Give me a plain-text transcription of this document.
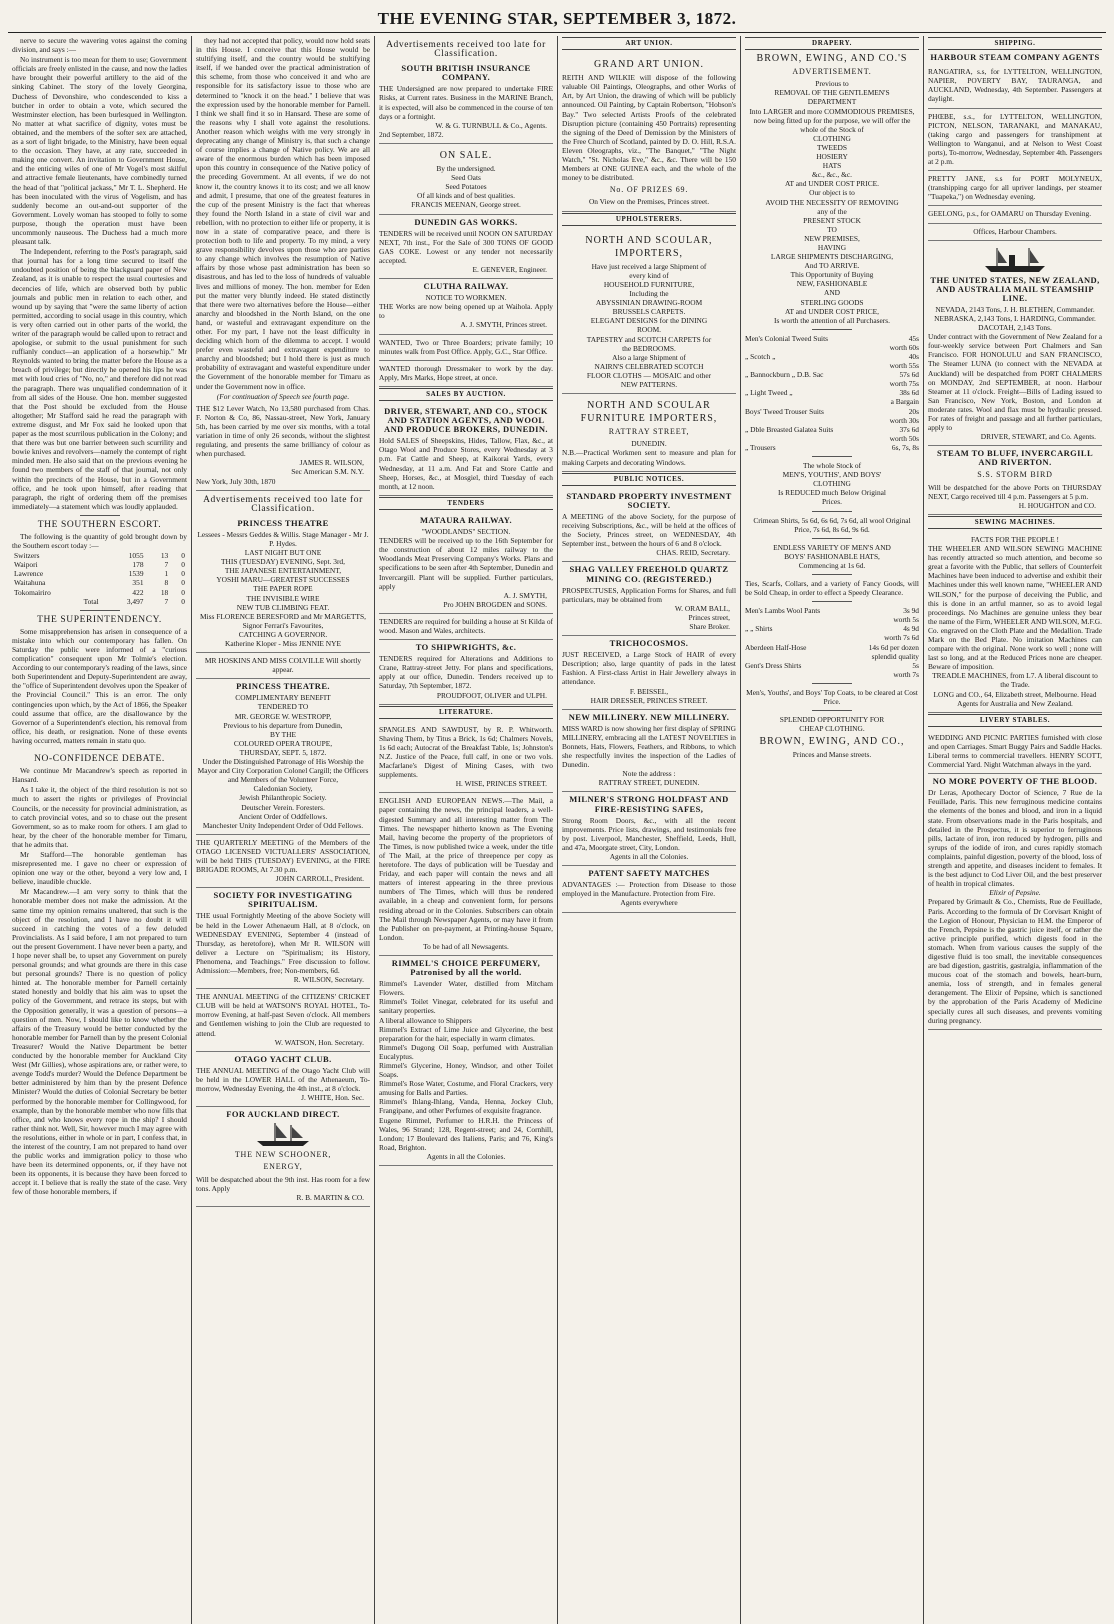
THE EVENING STAR, SEPTEMBER 3, 1872.
nerve to secure the wavering votes against the coming division, and says :—
No instrument is too mean for them to use; Government officials are freely enlisted in the cause, and now the ladies have brought their powerful artillery to the aid of the sinking Cabinet. The story of the lovely Georgina, Duchess of Devonshire, who condescended to kiss a butcher in order to obtain a vote, which secured the Westminster election, has been burlesqued in Wellington. No matter at what sacrifice of dignity, votes must be obtained, and the members of the softer sex are attached, as a sort of light brigade, to the Ministry, have been equal to the occasion. They have, at any rate, succeeded in making one convert. An invitation to Government House, and the enticing wiles of one of Mr Vogel's most skilful and attractive female lieutenants, have combinedly turned the head of that "political jackass," Mr T. L. Shepherd. He has been inoculated with the virus of Vogelism, and has suddenly become an out-and-out supporter of the Government. Lovely woman has stooped to folly to some purpose, though the operation must have been uncommonly nauseous. The Duchess had a much more pleasant talk.
The Independent, referring to the Post's paragraph, said that journal has for a long time secured to itself the undoubted position of being the blackguard paper of New Zealand, as it is unable to respect the usual courtesies and decencies of life, which are observed both by public journals and public men in relation to each other, and wound up by saying that "were the same liberty of action permitted, according to social usage in this country, which is very often carried out in other parts of the world, the writer of the paragraph would be called upon to retract and apologise, or submit to the usual punishment for such ruffianly conduct—an application of a horsewhip." Mr Reynolds wanted to bring the matter before the House as a breach of privilege; but directly he opened his lips he was met with loud cries of "No, no," and therefore did not read the paragraph. There was unqualified condemnation of it from all sides of the House. One hon. member suggested that the Post should be excluded from the House altogether; Mr Stafford said he read the paragraph with extreme disgust, and Mr Fox said he looked upon that paper as the most scurrilous publication in the Colony; and that there was but one barrier between such scurrility and bowie knives and revolvers—namely the contempt of right minded men. He also said that on the previous evening he found two members of the staff of that journal, not only within the precincts of the House, but in a Government office, and he took upon himself, after reading that paragraph, the right of ordering them off the premises immediately—a statement which was loudly applauded.
THE SOUTHERN ESCORT.
The following is the quantity of gold brought down by the Southern escort today :—
Switzers	1055	13	0
Waipori	178	7	0
Lawrence	1539	1	0
Waitahuna	351	8	0
Tokomairiro	422	18	0
Total	3,497	7	0
THE SUPERINTENDENCY.
Some misapprehension has arisen in consequence of a mistake into which our contemporary has fallen. On Saturday the public were informed of a "curious complication" consequent upon Mr Tolmie's election. According to our contemporary's reading of the laws, since both Superintendent and Deputy-Superintendent are away, the "office of Superintendent devolves upon the Speaker of the Provincial Council." This is an error. The only contingencies upon which, by the Act of 1866, the Speaker could assume that office, are the disallowance by the Governor of a Superintendent's election, his removal from office, his death, or resignation. None of these events having occurred, matters remain in statu quo.
NO-CONFIDENCE DEBATE.
We continue Mr Macandrew's speech as reported in Hansard.
As I take it, the object of the third resolution is not so much to assert the rights or privileges of Provincial Councils, or the necessity for provincial administration, as to catch provincial votes, and so to chase out the present Government, so as to make room for others. I am glad to hear, by the cheer of the honorable member for Timaru, that he admits that.
Mr Stafford—The honorable gentleman has misrepresented me. I gave no cheer or expression of opinion one way or the other, beyond a very low and, I believe, inaudible chuckle.
Mr Macandrew.—I am very sorry to think that the honorable member does not make the admission. At the same time my opinion remains unaltered, that such is the object of the resolution, and I have no doubt it will succeed in catching the votes of a few deluded Provincialists. As I said before, I am not prepared to turn out the present Government. I have never been a party, and I hope never shall be, to upset any Government on purely personal grounds; and what grounds are there in this case but personal grounds? There is no question of policy hinted at. The honorable member for Parnell certainly stated honestly and boldly that his aim was to upset the policy of the Government, and retrace its steps, but with the Opposition generally, it was a question of persons—a question of men. Now, I should like to know whether the affairs of the Treasury would be better conducted by the honorable member for Parnell than by the present Colonial Treasurer? Would the Native Department be better conducted by the honorable member for Auckland City West (Mr Gillies), whose aspirations are, or rather were, to avenge Todd's murder? Would the Defence Department be better administered by him than by the present Defence Minister? Would the duties of Colonial Secretary be better performed by the honorable member for Collingwood, for example, than by the honorable member who now fills that office, and who knows every rope in the ship? I should rather think not. Well, Sir, however much I may agree with the resolutions, either in whole or in part, I confess that, in the interest of the country, I am not prepared to hand over the public works and immigration policy to those who have been its determined opponents, or, if they have not been its opponents, it is because they have been forced to accept it. I believe that is really the state of the case. Very few of those honorable members, if
they had not accepted that policy, would now hold seats in this House. I conceive that this House would be stultifying itself, and the country would be stultifying itself, if we handed over the practical administration of this scheme, from those who conceived it and who are responsible for its satisfactory issue to those who are determined to "knock it on the head." I believe that was the expression used by the honorable member for Parnell. I think we shall find it so in Hansard. These are some of the reasons why I shall vote against the resolutions. Another reason which weighs with me very strongly in deprecating any change of Ministry is, that such a change of course implies a change of Native policy. We are all aware of the enormous burden which has been imposed upon this country in consequence of the Native policy of the preceding Government. At all events, if we do not know it, the country knows it to its cost; and we all know and admit, I presume, that one of the greatest features in the cup of the present Ministry is the fact that whereas they found the North Island in a state of civil war and rebellion, with no protection to either life or property, it is now in a state of comparative peace, and there is protection both to life and property. To my mind, a very grave responsibility devolves upon those who are parties to any change which involves the resumption of Native affairs by those whose past administration has been so disastrous, and has led to the loss of hundreds of valuable lives and millions of money. The hon. member for Eden put the matter very bluntly indeed. He stated distinctly that there were two alternatives before the House—either anarchy and bloodshed in the North Island, on the one hand, or wasteful and extravagant expenditure on the other. For my part, I have not the least difficulty in deciding which horn of the dilemma to accept. I would prefer even wasteful and extravagant expenditure to anarchy and bloodshed; but I hold there is just as much probability of extravagant and wasteful expenditure under the Government of the honorable member for Timaru as under the Government now in office.
(For continuation of Speech see fourth page.
THE $12 Lever Watch, No 13,580 purchased from Chas. F. Norton & Co, 86, Nassau-street, New York, January 5th, has been carried by me over six months, with a total variation in time of only 26 seconds, without the slightest regulating, and presents the same brilliancy of colour as when purchased.
JAMES R. WILSON,
Sec American S.M. N.Y.
New York, July 30th, 1870
Advertisements received too late for Classification.
PRINCESS THEATRE
Lessees - Messrs Geddes & Willis. Stage Manager - Mr J. P. Hydes.
LAST NIGHT BUT ONE
THIS (TUESDAY) EVENING, Sept. 3rd,
THE JAPANESE ENTERTAINMENT,
YOSHI MARU—GREATEST SUCCESSES
THE PAPER ROPE
THE INVISIBLE WIRE
NEW TUB CLIMBING FEAT.
Miss FLORENCE BERESFORD and Mr MARGETTS,
Signor Ferrari's Favourites,
CATCHING A GOVERNOR.
Katherine Kloper - Miss JENNIE NYE
MR HOSKINS AND MISS COLVILLE Will shortly appear.
PRINCESS THEATRE.
COMPLIMENTARY BENEFIT
TENDERED TO
MR. GEORGE W. WESTROPP,
Previous to his departure from Dunedin,
BY THE
COLOURED OPERA TROUPE,
THURSDAY, SEPT. 5, 1872.
Under the Distinguished Patronage of His Worship the Mayor and City Corporation Colonel Cargill; the Officers and Members of the Volunteer Force,
Caledonian Society,
Jewish Philanthropic Society.
Deutscher Verein. Foresters.
Ancient Order of Oddfellows.
Manchester Unity Independent Order of Odd Fellows.
THE QUARTERLY MEETING of the Members of the OTAGO LICENSED VICTUALLERS' ASSOCIATION, will be held THIS (TUESDAY) EVENING, at the FIRE BRIGADE ROOMS, At 7.30 p.m.
JOHN CARROLL, President.
SOCIETY FOR INVESTIGATING SPIRITUALISM.
THE usual Fortnightly Meeting of the above Society will be held in the Lower Athenaeum Hall, at 8 o'clock, on WEDNESDAY EVENING, September 4 (instead of Thursday, as heretofore), when Mr R. WILSON will deliver a Lecture on "Spiritualism; its History, Phenomena, and Teachings." Free discussion to follow. Admission:—Members, free; Non-members, 6d.
R. WILSON, Secretary.
THE ANNUAL MEETING of the CITIZENS' CRICKET CLUB will be held at WATSON'S ROYAL HOTEL, To-morrow Evening, at half-past Seven o'clock. All members and Gentlemen wishing to join the Club are requested to attend.
W. WATSON, Hon. Secretary.
OTAGO YACHT CLUB.
THE ANNUAL MEETING of the Otago Yacht Club will be held in the LOWER HALL of the Athenaeum, To-morrow, Wednesday Evening, the 4th inst., at 8 o'clock.
J. WHITE, Hon. Sec.
FOR AUCKLAND DIRECT.
THE NEW SCHOONER,
ENERGY,
Will be despatched about the 9th inst. Has room for a few tons. Apply
R. B. MARTIN & CO.
Advertisements received too late for Classification.
SOUTH BRITISH INSURANCE COMPANY.
THE Undersigned are now prepared to undertake FIRE Risks, at Current rates. Business in the MARINE Branch, it is expected, will also be commenced in the course of ten days or a fortnight.
W. & G. TURNBULL & Co., Agents.
2nd September, 1872.
ON SALE.
By the undersigned.
Seed Oats
Seed Potatoes
Of all kinds and of best qualities.
FRANCIS MEENAN, George street.
DUNEDIN GAS WORKS.
TENDERS will be received until NOON ON SATURDAY NEXT, 7th inst., For the Sale of 300 TONS OF GOOD GAS COKE. Lowest or any tender not necessarily accepted.
E. GENEVER, Engineer.
CLUTHA RAILWAY.
NOTICE TO WORKMEN.
THE Works are now being opened up at Waihola. Apply to
A. J. SMYTH, Princes street.
WANTED, Two or Three Boarders; private family; 10 minutes walk from Post Office. Apply, G.C., Star Office.
WANTED thorough Dressmaker to work by the day. Apply, Mrs Marks, Hope street, at once.
SALES BY AUCTION.
DRIVER, STEWART, AND CO., STOCK AND STATION AGENTS, AND WOOL AND PRODUCE BROKERS, DUNEDIN.
Hold SALES of Sheepskins, Hides, Tallow, Flax, &c., at Otago Wool and Produce Stores, every Wednesday at 3 p.m. Fat Cattle and Sheep, at Kaikorai Yards, every Wednesday, at 11 a.m. And Fat and Store Cattle and Sheep, Horses, &c., at Mosgiel, third Tuesday of each month, at 12 noon.
TENDERS
MATAURA RAILWAY.
"WOODLANDS" SECTION.
TENDERS will be received up to the 16th September for the construction of about 12 miles railway to the Woodlands Meat Preserving Company's Works. Plans and specifications to be seen after 4th September, Dunedin and Invercargill. Plant will be supplied. Further particulars, apply
A. J. SMYTH,
Pro JOHN BROGDEN and SONS.
TENDERS are required for building a house at St Kilda of wood. Mason and Wales, architects.
TO SHIPWRIGHTS, &c.
TENDERS required for Alterations and Additions to Crane, Rattray-street Jetty. For plans and specifications, apply at our office, Dunedin. Tenders received up to Saturday, 7th September, 1872.
PROUDFOOT, OLIVER and ULPH.
LITERATURE.
SPANGLES AND SAWDUST, by R. P. Whitworth. Shaving Them, by Titus a Brick, 1s 6d; Chalmers Novels, 1s 6d each; Autocrat of the Breakfast Table, 1s; Johnston's N.Z. Justice of the Peace, full calf, in one or two vols. Macfarlane's Digest of Mining Cases, with two supplements.
H. WISE, PRINCES STREET.
ENGLISH AND EUROPEAN NEWS.—The Mail, a paper containing the news, the principal leaders, a well-digested Summary and all interesting matter from The Times. The newspaper hitherto known as The Evening Mail, having become the property of the proprietors of The Times, is now published twice a week, under the title of The Mail, at the price of threepence per copy as heretofore. The days of publication will be Tuesday and Friday, and each paper will contain the news and all matters of interest appearing in the three previous numbers of The Times, which will thus be rendered available, in a cheap and convenient form, for persons residing abroad or in the Colonies. Subscribers can obtain The Mail through Newspaper Agents, or may have it from the Publisher on pre-payment, at Printing-house Square, London.
To be had of all Newsagents.
RIMMEL'S CHOICE PERFUMERY, Patronised by all the world.
Rimmel's Lavender Water, distilled from Mitcham Flowers.
Rimmel's Toilet Vinegar, celebrated for its useful and sanitary properties.
A liberal allowance to Shippers
Rimmel's Extract of Lime Juice and Glycerine, the best preparation for the hair, especially in warm climates.
Rimmel's Dugong Oil Soap, perfumed with Australian Eucalyptus.
Rimmel's Glycerine, Honey, Windsor, and other Toilet Soaps.
Rimmel's Rose Water, Costume, and Floral Crackers, very amusing for Balls and Parties.
Rimmel's Ihlang-Ihlang, Vanda, Henna, Jockey Club, Frangipane, and other Perfumes of exquisite fragrance.
Eugene Rimmel, Perfumer to H.R.H. the Princess of Wales, 96 Strand; 128, Regent-street; and 24, Cornhill, London; 17 Boulevard des Italiens, Paris; and 76, King's Road, Brighton.
Agents in all the Colonies.
ART UNION.
GRAND ART UNION.
REITH AND WILKIE will dispose of the following valuable Oil Paintings, Oleographs, and other Works of Art, by Art Union, the drawing of which will be publicly announced. Oil Painting, by Captain Robertson, "Hobson's Bay." Two selected Artists Proofs of the celebrated Disruption picture (containing 450 Portraits) representing the signing of the Deed of Demission by the Ministers of the Free Church of Scotland, painted by D. O. Hill, R.S.A. Eleven Oleographs, viz., "The Banquet," "The Night Watch," "St. Nicholas Eve," &c., &c. There will be 150 Members at ONE GUINEA each, and the whole of the money to be distributed.
No. OF PRIZES 69.
On View on the Premises, Princes street.
UPHOLSTERERS.
NORTH AND SCOULAR,
IMPORTERS,
Have just received a large Shipment of
every kind of
HOUSEHOLD FURNITURE,
Including the
ABYSSINIAN DRAWING-ROOM
BRUSSELS CARPETS.
ELEGANT DESIGNS for the DINING
ROOM.
TAPESTRY and SCOTCH CARPETS for
the BEDROOMS.
Also a large Shipment of
NAIRN'S CELEBRATED SCOTCH
FLOOR CLOTHS — MOSAIC and other
NEW PATTERNS.
NORTH AND SCOULAR
FURNITURE IMPORTERS,
RATTRAY STREET,
DUNEDIN.
N.B.—Practical Workmen sent to measure and plan for making Carpets and decorating Windows.
PUBLIC NOTICES.
STANDARD PROPERTY INVESTMENT SOCIETY.
A MEETING of the above Society, for the purpose of receiving Subscriptions, &c., will be held at the offices of the Society, Princes street, on WEDNESDAY, 4th September inst., between the hours of 6 and 8 o'clock.
CHAS. REID, Secretary.
SHAG VALLEY FREEHOLD QUARTZ MINING CO. (REGISTERED.)
PROSPECTUSES, Application Forms for Shares, and full particulars, may be obtained from
W. ORAM BALL,
Princes street,
Share Broker.
TRICHOCOSMOS.
JUST RECEIVED, a Large Stock of HAIR of every Description; also, large quantity of pads in the latest Fashion. A First-class Artist in Hair Jewellery always in attendance.
F. BEISSEL,
HAIR DRESSER, PRINCES STREET.
NEW MILLINERY. NEW MILLINERY.
MISS WARD is now showing her first display of SPRING MILLINERY, embracing all the LATEST NOVELTIES in Bonnets, Hats, Flowers, Feathers, and Ribbons, to which she respectfully invites the inspection of the Ladies of Dunedin.
Note the address :
RATTRAY STREET, DUNEDIN.
MILNER'S STRONG HOLDFAST AND FIRE-RESISTING SAFES,
Strong Room Doors, &c., with all the recent improvements. Price lists, drawings, and testimonials free by post. Liverpool, Manchester, Sheffield, Leeds, Hull, and 47a, Moorgate street, City, London.
Agents in all the Colonies.
PATENT SAFETY MATCHES
ADVANTAGES :— Protection from Disease to those employed in the Manufacture. Protection from Fire.
Agents everywhere
DRAPERY.
BROWN, EWING, AND CO.'S
ADVERTISEMENT.
Previous to
REMOVAL OF THE GENTLEMEN'S
DEPARTMENT
Into LARGER and more COMMODIOUS PREMISES, now being fitted up for the purpose, we will offer the whole of the Stock of
CLOTHING
TWEEDS
HOSIERY
HATS
&c., &c., &c.
AT and UNDER COST PRICE.
Our object is to
AVOID THE NECESSITY OF REMOVING
any of the
PRESENT STOCK
TO
NEW PREMISES,
HAVING
LARGE SHIPMENTS DISCHARGING,
And TO ARRIVE.
This Opportunity of Buying
NEW, FASHIONABLE
AND
STERLING GOODS
AT and UNDER COST PRICE,
Is worth the attention of all Purchasers.
Men's Colonial Tweed Suits	45s
worth 60s
„ Scotch „	40s
worth 55s
„ Bannockburn „ D.B. Sac	57s 6d
worth 75s
„ Light Tweed „	38s 6d
a Bargain
Boys' Tweed Trouser Suits	20s
worth 30s
„ Dble Breasted Galatea Suits	37s 6d
worth 50s
„ Trousers	6s, 7s, 8s
The whole Stock of
MEN'S, YOUTHS', AND BOYS'
CLOTHING
Is REDUCED much Below Original
Prices.
Crimean Shirts, 5s 6d, 6s 6d, 7s 6d, all wool Original Price, 7s 6d, 8s 6d, 9s 6d.
ENDLESS VARIETY OF MEN'S AND
BOYS' FASHIONABLE HATS,
Commencing at 1s 6d.
Ties, Scarfs, Collars, and a variety of Fancy Goods, will be Sold Cheap, in order to effect a Speedy Clearance.
Men's Lambs Wool Pants	3s 9d
worth 5s
„ „ Shirts	4s 9d
worth 7s 6d
Aberdeen Half-Hose	14s 6d per dozen
splendid quality
Gent's Dress Shirts	5s
worth 7s
Men's, Youths', and Boys' Top Coats, to be cleared at Cost Price.
SPLENDID OPPORTUNITY FOR
CHEAP CLOTHING.
BROWN, EWING, AND CO.,
Princes and Manse streets.
SHIPPING.
HARBOUR STEAM COMPANY AGENTS
RANGATIRA, s.s, for LYTTELTON, WELLINGTON, NAPIER, POVERTY BAY, TAURANGA, and AUCKLAND, Wednesday, 4th September. Passengers at daylight.
PHŒBE, s.s., for LYTTELTON, WELLINGTON, PICTON, NELSON, TARANAKI, and MANAKAU, (taking cargo and passengers for transhipment at Wellington to Wanganui, and at Nelson to West Coast ports), To-morrow, Wednesday, September 4th. Passengers at 2 p.m.
PRETTY JANE, s.s for PORT MOLYNEUX, (transhipping cargo for all upriver landings, per steamer "Tuapeka,") on Wednesday evening.
GEELONG, p.s., for OAMARU on Thursday Evening.
Offices, Harbour Chambers.
THE UNITED STATES, NEW ZEALAND, AND AUSTRALIA MAIL STEAMSHIP LINE.
NEVADA, 2143 Tons, J. H. BLETHEN, Commander.
NEBRASKA, 2,143 Tons, I. HARDING, Commander.
DACOTAH, 2,143 Tons.
Under contract with the Government of New Zealand for a four-weekly service between Port Chalmers and San Francisco. FOR HONOLULU and SAN FRANCISCO, The Steamer LUNA (to connect with the NEVADA at Auckland) will be despatched from PORT CHALMERS on MONDAY, 2nd SEPTEMBER, at noon. Harbour Steamer at 11 o'clock. Freight—Bills of Lading issued to San Francisco, New York, Boston, and London at moderate rates. Wool and flax must be hydraulic pressed. For rates of freight and passage and all further particulars, apply to
DRIVER, STEWART, and Co. Agents.
STEAM TO BLUFF, INVERCARGILL AND RIVERTON.
S.S. STORM BIRD
Will be despatched for the above Ports on THURSDAY NEXT, Cargo received till 4 p.m. Passengers at 5 p.m.
H. HOUGHTON and CO.
SEWING MACHINES.
FACTS FOR THE PEOPLE !
THE WHEELER AND WILSON SEWING MACHINE has recently attracted so much attention, and become so great a favorite with the Public, that sellers of Counterfeit Machines have been induced to advertise and exhibit their Machines under this well known name, "WHEELER AND WILSON," for the purpose of deceiving the Public, and this is done in an artful manner, so as to avoid legal proceedings. No Machines are genuine unless they bear the name of the Firm, WHEELER AND WILSON, M.F.G. Co. engraved on the Cloth Plate and the Medallion. Trade Mark on the Bed Plate. No imitation Machines can compare with the original. None work so well ; none will last so long, and at the Reduced Prices none are cheaper. Beware of imposition.
TREADLE MACHINES, from L7. A liberal discount to the Trade.
LONG and CO., 64, Elizabeth street, Melbourne. Head Agents for Australia and New Zealand.
LIVERY STABLES.
WEDDING AND PICNIC PARTIES furnished with close and open Carriages. Smart Buggy Pairs and Saddle Hacks. Liberal terms to commercial travellers. HENRY SCOTT, Commercial Yard. Night Watchman always in the yard.
NO MORE POVERTY OF THE BLOOD.
Dr Leras, Apothecary Doctor of Science, 7 Rue de la Feuillade, Paris. This new ferruginous medicine contains the elements of the bones and blood, and iron in a liquid state. From observations made in the Paris hospitals, and detailed in the Prospectus, it is superior to ferruginous pills, lactate of iron, iron reduced by hydrogen, pills and syrups of the iodide of iron, and cures rapidly stomach complaints, painful digestion, poverty of the blood, loss of strength and appetite, and diseases incident to females. It is the best adjunct to Cod Liver Oil, and the best preserver of health in tropical climates.
Elixir of Pepsine.
Prepared by Grimault & Co., Chemists, Rue de Feuillade, Paris. According to the formula of Dr Corvisart Knight of the Legion of Honour, Physician to H.M. the Emperor of the French, Pepsine is the gastric juice itself, or rather the active principle purified, which digests food in the stomach. When from various causes the supply of the digestive fluid is too small, the inevitable consequences are bad digestion, gastritis, gastralgia, inflammation of the mucous coat of the stomach and bowels, heart-burn, anemia, loss of strength, and in females general derangement. The Elixir of Pepsine, which is sanctioned by the approbation of the Paris Academy of Medicine specially cures all such diseases, and prevents vomiting during pregnancy.
